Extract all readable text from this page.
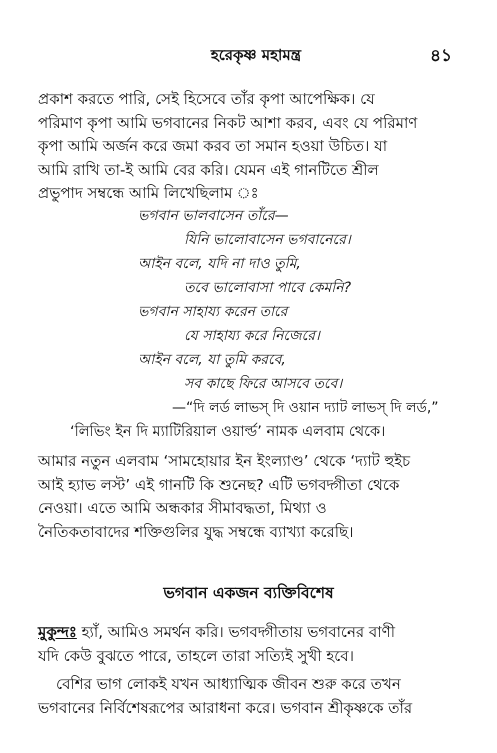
হরেকৃষ্ণ মহামন্ত্র	৪১

প্রকাশ করতে পারি, সেই হিসেবে তাঁর কৃপা আপেক্ষিক। যে

পরিমাণ কৃপা আমি ভগবানের নিকট আশা করব, এবং যে পরিমাণ

কৃপা আমি অর্জন করে জমা করব তা সমান হওয়া উচিত। যা

আমি রাখি তা-ই আমি বের করি। যেমন এই গানটিতে শ্রীল

প্রভুপাদ সম্বন্ধে আমি লিখেছিলাম ঃ

ভগবান ভালবাসেন তাঁরে—
যিনি ভালোবাসেন ভগবানেরে।
আইন বলে, যদি না দাও তুমি,
তবে ভালোবাসা পাবে কেমনি?
ভগবান সাহায্য করেন তারে
যে সাহায্য করে নিজেরে।
আইন বলে, যা তুমি করবে,
সব কাছে ফিরে আসবে তবে।
—“দি লর্ড লাভস্ দি ওয়ান দ্যাট লাভস্ দি লর্ড,”
‘লিভিং ইন দি ম্যাটিরিয়াল ওয়ার্ল্ড’ নামক এলবাম থেকে।

আমার নতুন এলবাম ‘সামহোয়ার ইন ইংল্যাণ্ড’ থেকে ‘দ্যাট হুইচ

আই হ্যাভ লস্ট’ এই গানটি কি শুনেছ? এটি ভগবদ্গীতা থেকে

নেওয়া। এতে আমি অন্ধকার সীমাবদ্ধতা, মিথ্যা ও

নৈতিকতাবাদের শক্তিগুলির যুদ্ধ সম্বন্ধে ব্যাখ্যা করেছি।

ভগবান একজন ব্যক্তিবিশেষ

মুকুন্দঃ হ্যাঁ, আমিও সমর্থন করি। ভগবদ্গীতায় ভগবানের বাণী

যদি কেউ বুঝতে পারে, তাহলে তারা সত্যিই সুখী হবে।

বেশির ভাগ লোকই যখন আধ্যাত্মিক জীবন শুরু করে তখন

ভগবানের নির্বিশেষরূপের আরাধনা করে। ভগবান শ্রীকৃষ্ণকে তাঁর
